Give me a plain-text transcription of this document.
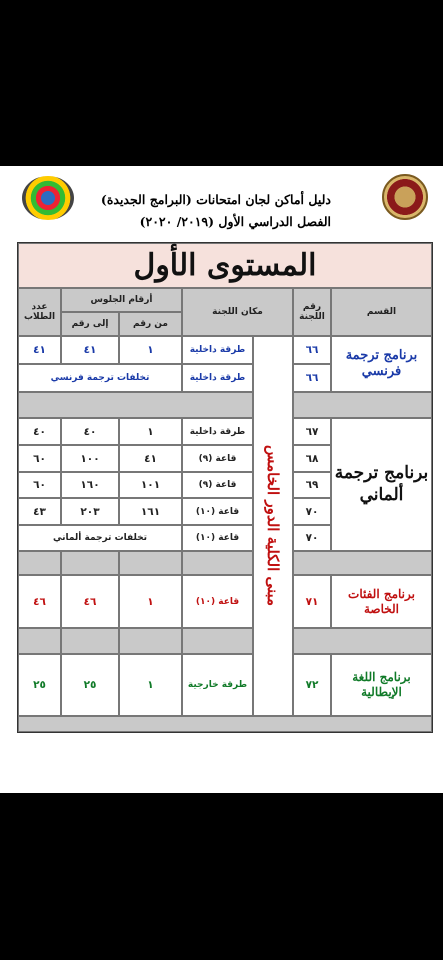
دليل أماكن لجان امتحانات (البرامج الجديدة)
الفصل الدراسي الأول (٢٠١٩/ ٢٠٢٠)
المستوى الأول
القسم
رقم اللجنة
مكان اللجنة
أرقام الجلوس
من رقم
إلى رقم
عدد الطلاب
مبنى الكلية الدور الخامس
برنامج ترجمة فرنسي
٦٦
طرقة داخلية
١
٤١
٤١
٦٦
طرقة داخلية
تخلفات ترجمة فرنسي
برنامج ترجمة ألماني
٦٧
طرقة داخلية
١
٤٠
٤٠
٦٨
قاعة (٩)
٤١
١٠٠
٦٠
٦٩
قاعة (٩)
١٠١
١٦٠
٦٠
٧٠
قاعة (١٠)
١٦١
٢٠٣
٤٣
٧٠
قاعة (١٠)
تخلفات ترجمة ألماني
برنامج الفئات الخاصة
٧١
قاعة (١٠)
١
٤٦
٤٦
برنامج اللغة الإيطالية
٧٢
طرقة خارجية
١
٢٥
٢٥
